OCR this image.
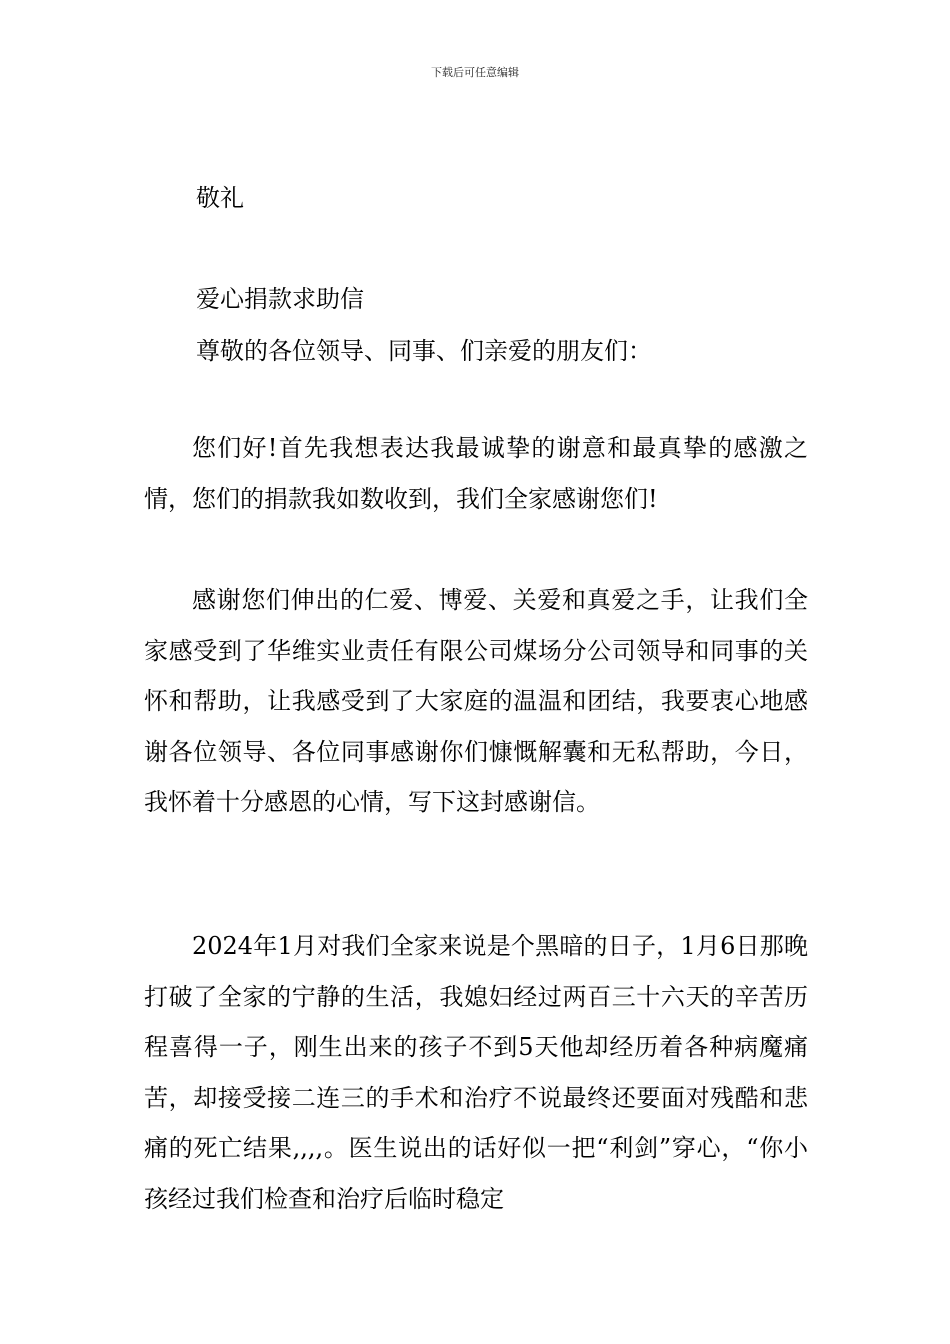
下载后可任意编辑
敬礼
爱心捐款求助信
尊敬的各位领导、同事、们亲爱的朋友们：
您们好!首先我想表达我最诚挚的谢意和最真挚的感激之情，您们的捐款我如数收到，我们全家感谢您们!
感谢您们伸出的仁爱、博爱、关爱和真爱之手，让我们全家感受到了华维实业责任有限公司煤场分公司领导和同事的关怀和帮助，让我感受到了大家庭的温温和团结，我要衷心地感谢各位领导、各位同事感谢你们慷慨解囊和无私帮助，今日，我怀着十分感恩的心情，写下这封感谢信。
2024年1月对我们全家来说是个黑暗的日子，1月6日那晚打破了全家的宁静的生活，我媳妇经过两百三十六天的辛苦历程喜得一子，刚生出来的孩子不到5天他却经历着各种病魔痛苦，却接受接二连三的手术和治疗不说最终还要面对残酷和悲痛的死亡结果,,,,。医生说出的话好似一把“利剑”穿心，“你小孩经过我们检查和治疗后临时稳定
